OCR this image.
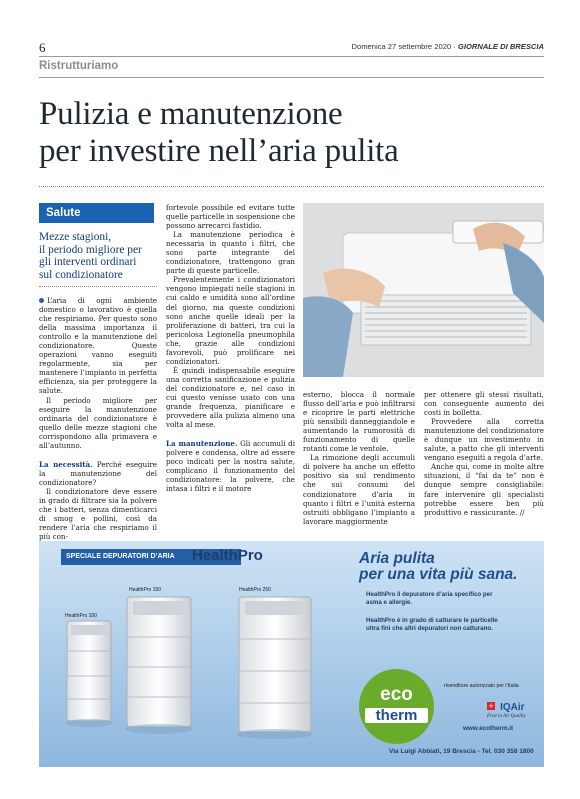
6	Domenica 27 settembre 2020 · GIORNALE DI BRESCIA
Ristrutturiamo
Pulizia e manutenzione
per investire nell’aria pulita
Salute
Mezze stagioni,
il periodo migliore per
gli interventi ordinari
sul condizionatore

L’aria di ogni ambiente domestico o lavorativo è quella che respiriamo. Per questo sono della massima importanza il controllo e la manutenzione del condizionatore. Queste operazioni vanno eseguiti regolarmente, sia per mantenere l’impianto in perfetta efficienza, sia per proteggere la salute.

Il periodo migliore per eseguire la manutenzione ordinaria del condizionatore è quello delle mezze stagioni che corrispondono alla primavera e all’autunno.

La necessità. Perché eseguire la manutenzione del condizionatore?

Il condizionatore deve essere in grado di filtrare sia la polvere che i batteri, senza dimenticarci di smog e pollini, così da rendere l’aria che respiriamo il più con-

fortevole possibile ed evitare tutte quelle particelle in sospensione che possono arrecarci fastidio.

La manutenzione periodica è necessaria in quanto i filtri, che sono parte integrante del condizionatore, trattengono gran parte di queste particelle.

Prevalentemente i condizionatori vengono impiegati nelle stagioni in cui caldo e umidità sono all’ordine del giorno, ma queste condizioni sono anche quelle ideali per la proliferazione di batteri, tra cui la pericolosa Legionella pneumophila che, grazie alle condizioni favorevoli, può prolificare nei condizionatori.

È quindi indispensabile eseguire una corretta sanificazione e pulizia del condizionatore e, nel caso in cui questo venisse usato con una grande frequenza, pianificare e provvedere alla pulizia almeno una volta al mese.

La manutenzione. Gli accumuli di polvere e condensa, oltre ad essere poco indicati per la nostra salute, complicano il funzionamento del condizionatore: la polvere, che intasa i filtri e il motore

esterno, blocca il normale flusso dell’aria e può infiltrarsi e ricoprire le parti elettriche più sensibili danneggiandole e aumentando la rumorosità di funzionamento di quelle rotanti come le ventole.

La rimozione degli accumuli di polvere ha anche un effetto positivo sia sul rendimento che sui consumi del condizionatore d’aria in quanto i filtri e l’unità esterna ostruiti obbligano l’impianto a lavorare maggiormente

per ottenere gli stessi risultati, con conseguente aumento dei costi in bolletta.

Provvedere alla corretta manutenzione del condizionatore è dunque un investimento in salute, a patto che gli interventi vengano eseguiti a regola d’arte.

Anche qui, come in molte altre situazioni, il “fai da te” non è dunque sempre consigliabile: fare intervenire gli specialisti potrebbe essere ben più produttivo e rassicurante. //

SPECIALE DEPURATORI D’ARIA	HealthPro
HealthPro 100
HealthPro 150	HealthPro 250
Aria pulita
per una vita più sana.

HealthPro il depuratore d’aria specifico per asma e allergie.

HealthPro è in grado di catturare le particelle ultra fini che altri depuratori non catturano.

eco
therm
rivenditore autorizzato per l’Italia
+ IQAir
First in Air Quality
www.ecotherm.it
Via Luigi Abbiati, 19 Brescia - Tel. 030 358 1800
